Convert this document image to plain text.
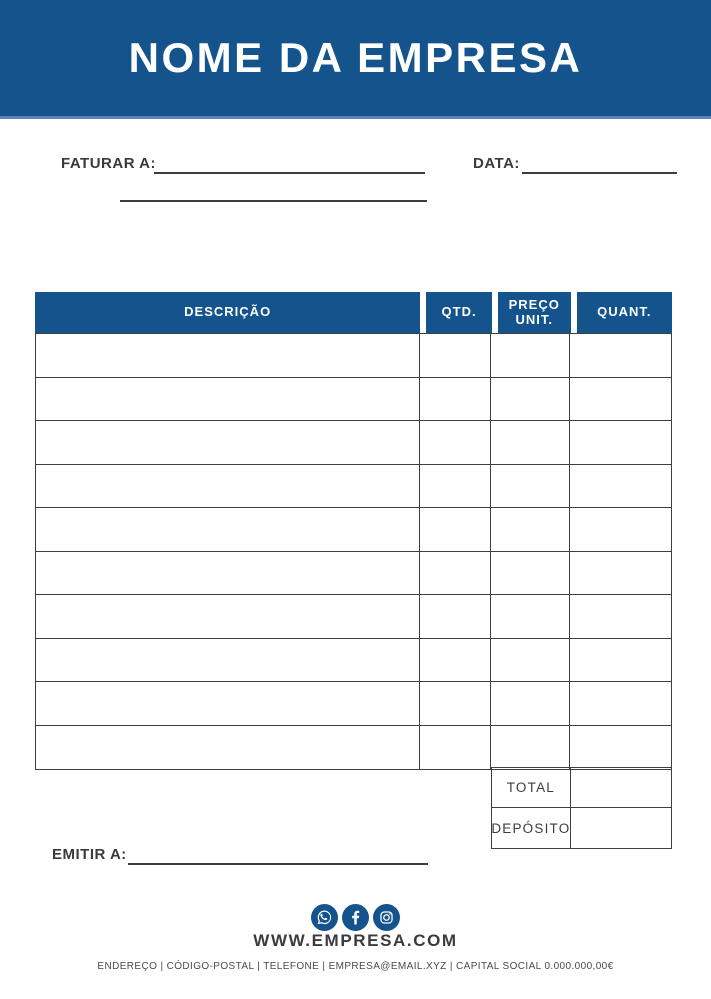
NOME DA EMPRESA
FATURAR A:	DATA:
DESCRIÇÃO	QTD.	PREÇO UNIT.	QUANT.
TOTAL
DEPÓSITO
EMITIR A:
WWW.EMPRESA.COM
ENDEREÇO | CÓDIGO-POSTAL | TELEFONE | EMPRESA@EMAIL.XYZ | CAPITAL SOCIAL 0.000.000,00€
